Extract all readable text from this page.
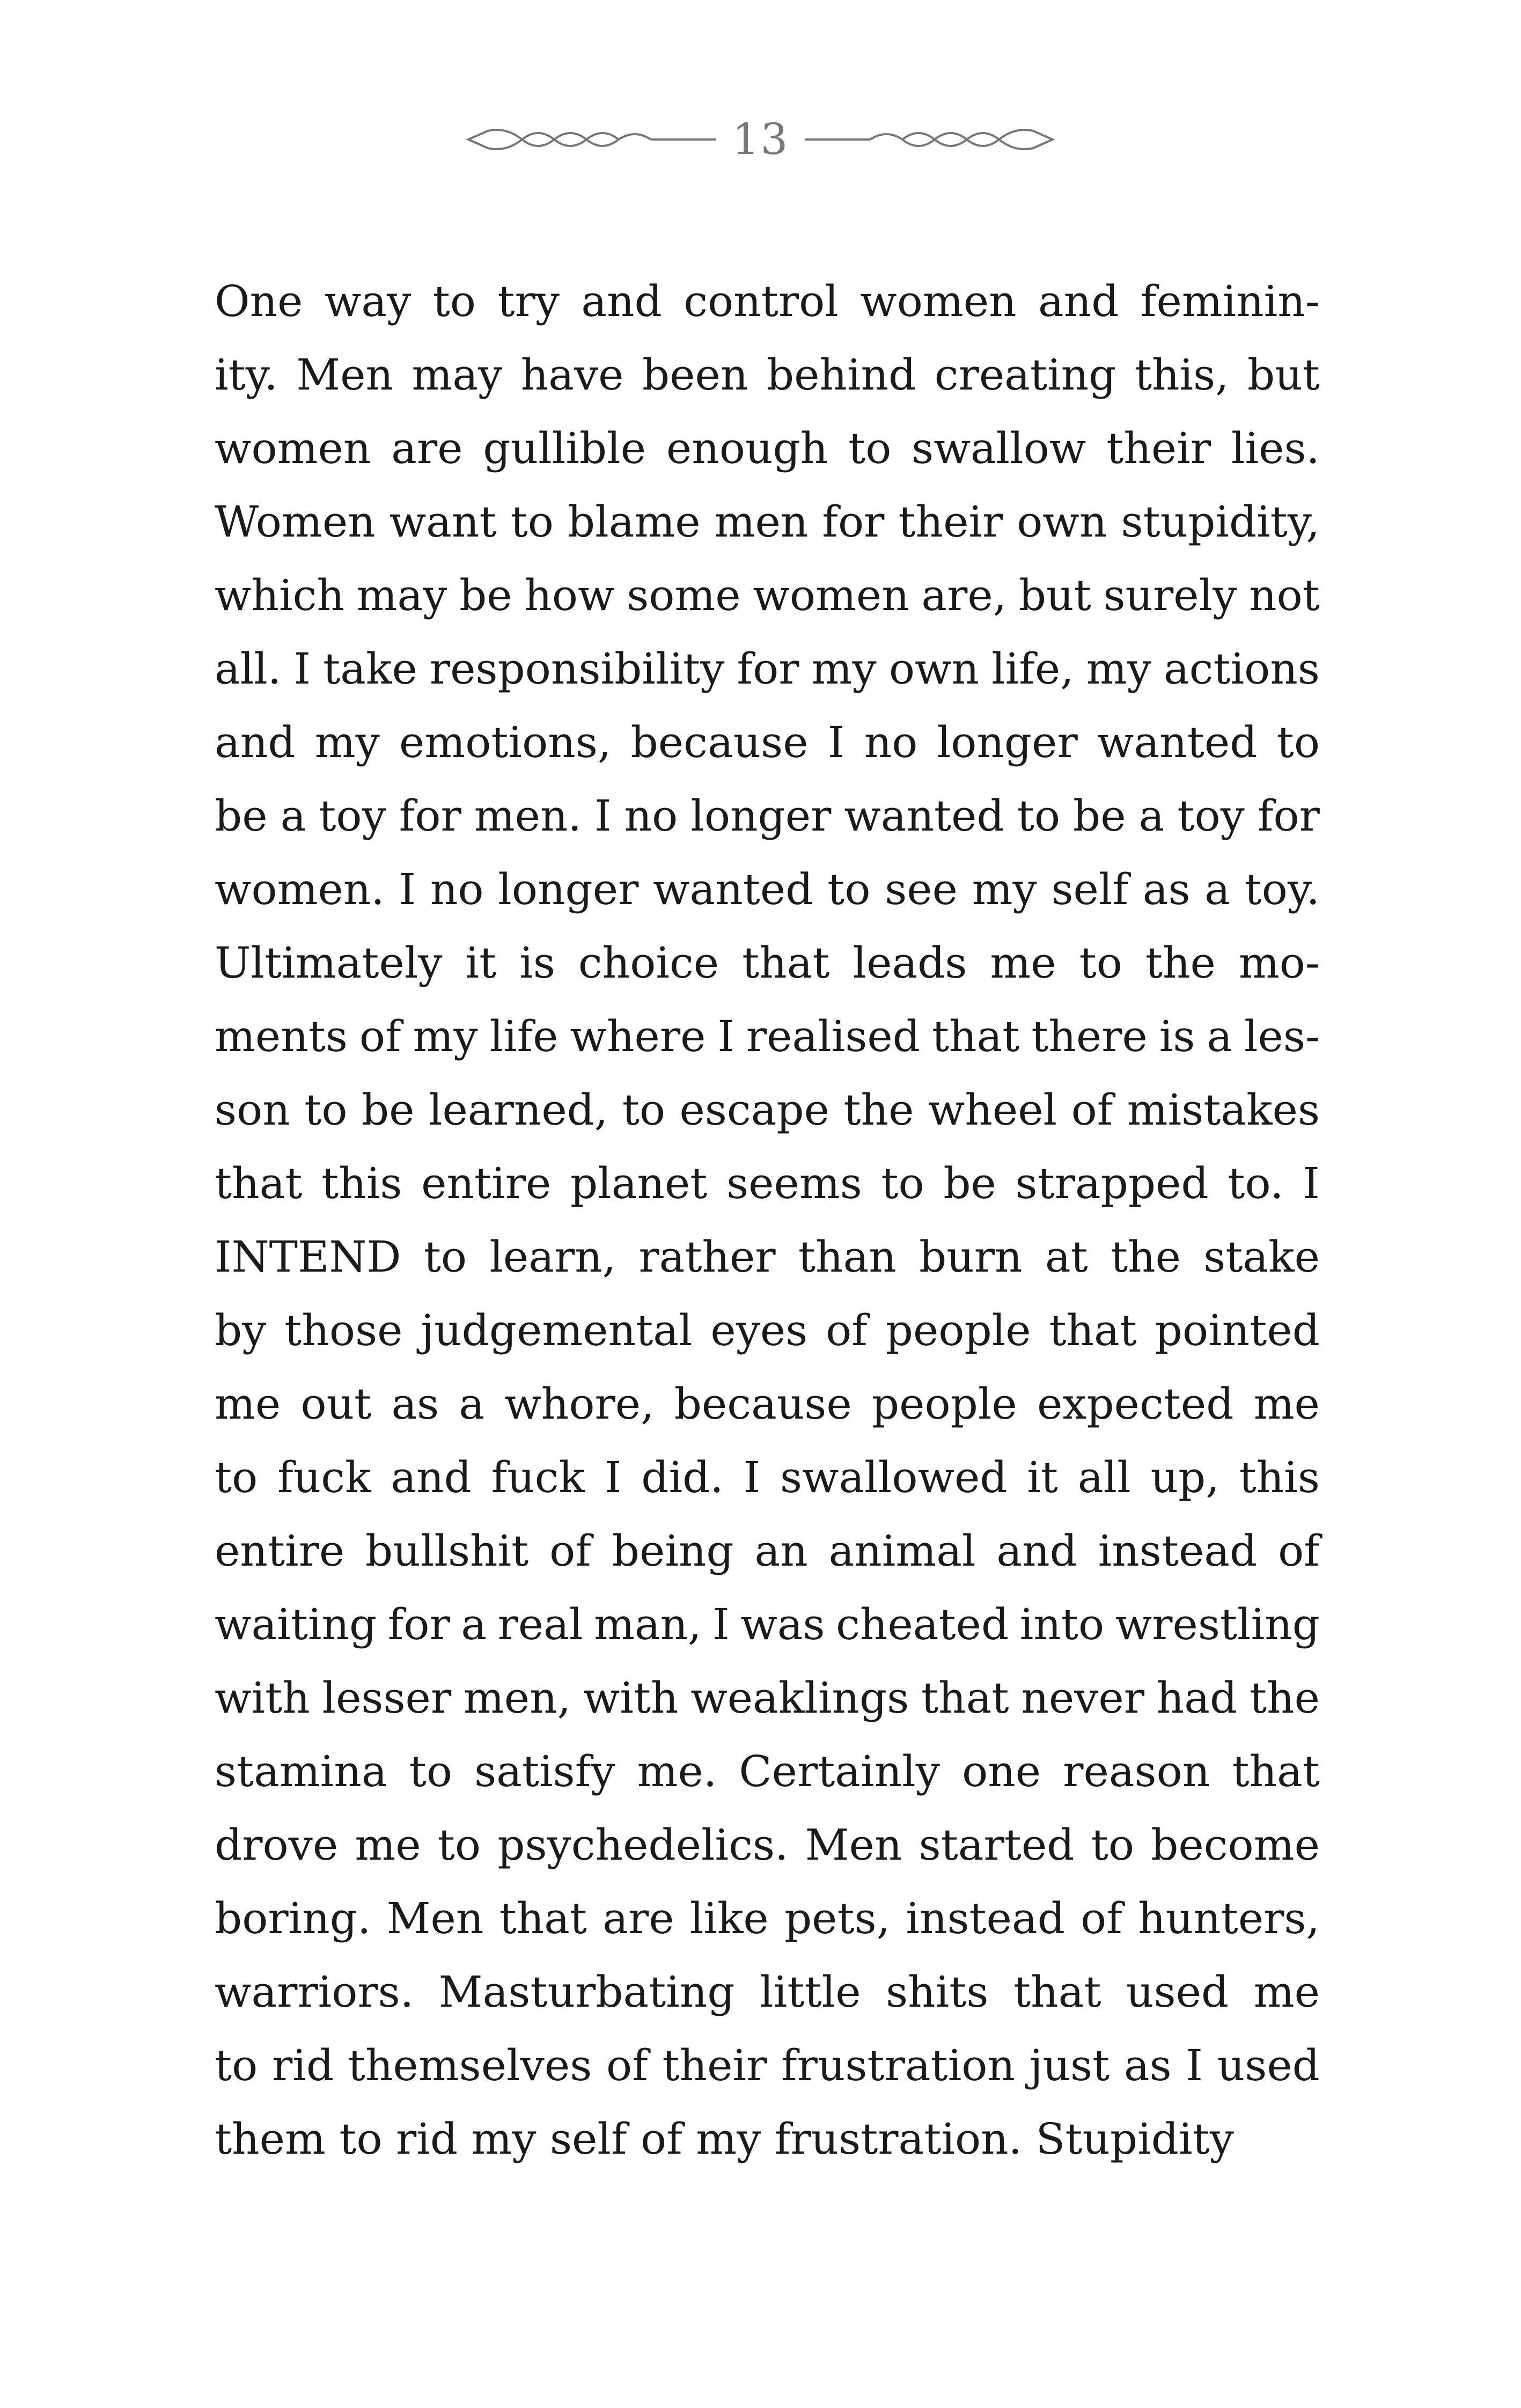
13
One way to try and control women and feminin-
ity. Men may have been behind creating this, but
women are gullible enough to swallow their lies.
Women want to blame men for their own stupidity,
which may be how some women are, but surely not
all. I take responsibility for my own life, my actions
and my emotions, because I no longer wanted to
be a toy for men. I no longer wanted to be a toy for
women. I no longer wanted to see my self as a toy.
Ultimately it is choice that leads me to the mo-
ments of my life where I realised that there is a les-
son to be learned, to escape the wheel of mistakes
that this entire planet seems to be strapped to. I
INTEND to learn, rather than burn at the stake
by those judgemental eyes of people that pointed
me out as a whore, because people expected me
to fuck and fuck I did. I swallowed it all up, this
entire bullshit of being an animal and instead of
waiting for a real man, I was cheated into wrestling
with lesser men, with weaklings that never had the
stamina to satisfy me. Certainly one reason that
drove me to psychedelics. Men started to become
boring. Men that are like pets, instead of hunters,
warriors. Masturbating little shits that used me
to rid themselves of their frustration just as I used
them to rid my self of my frustration. Stupidity
